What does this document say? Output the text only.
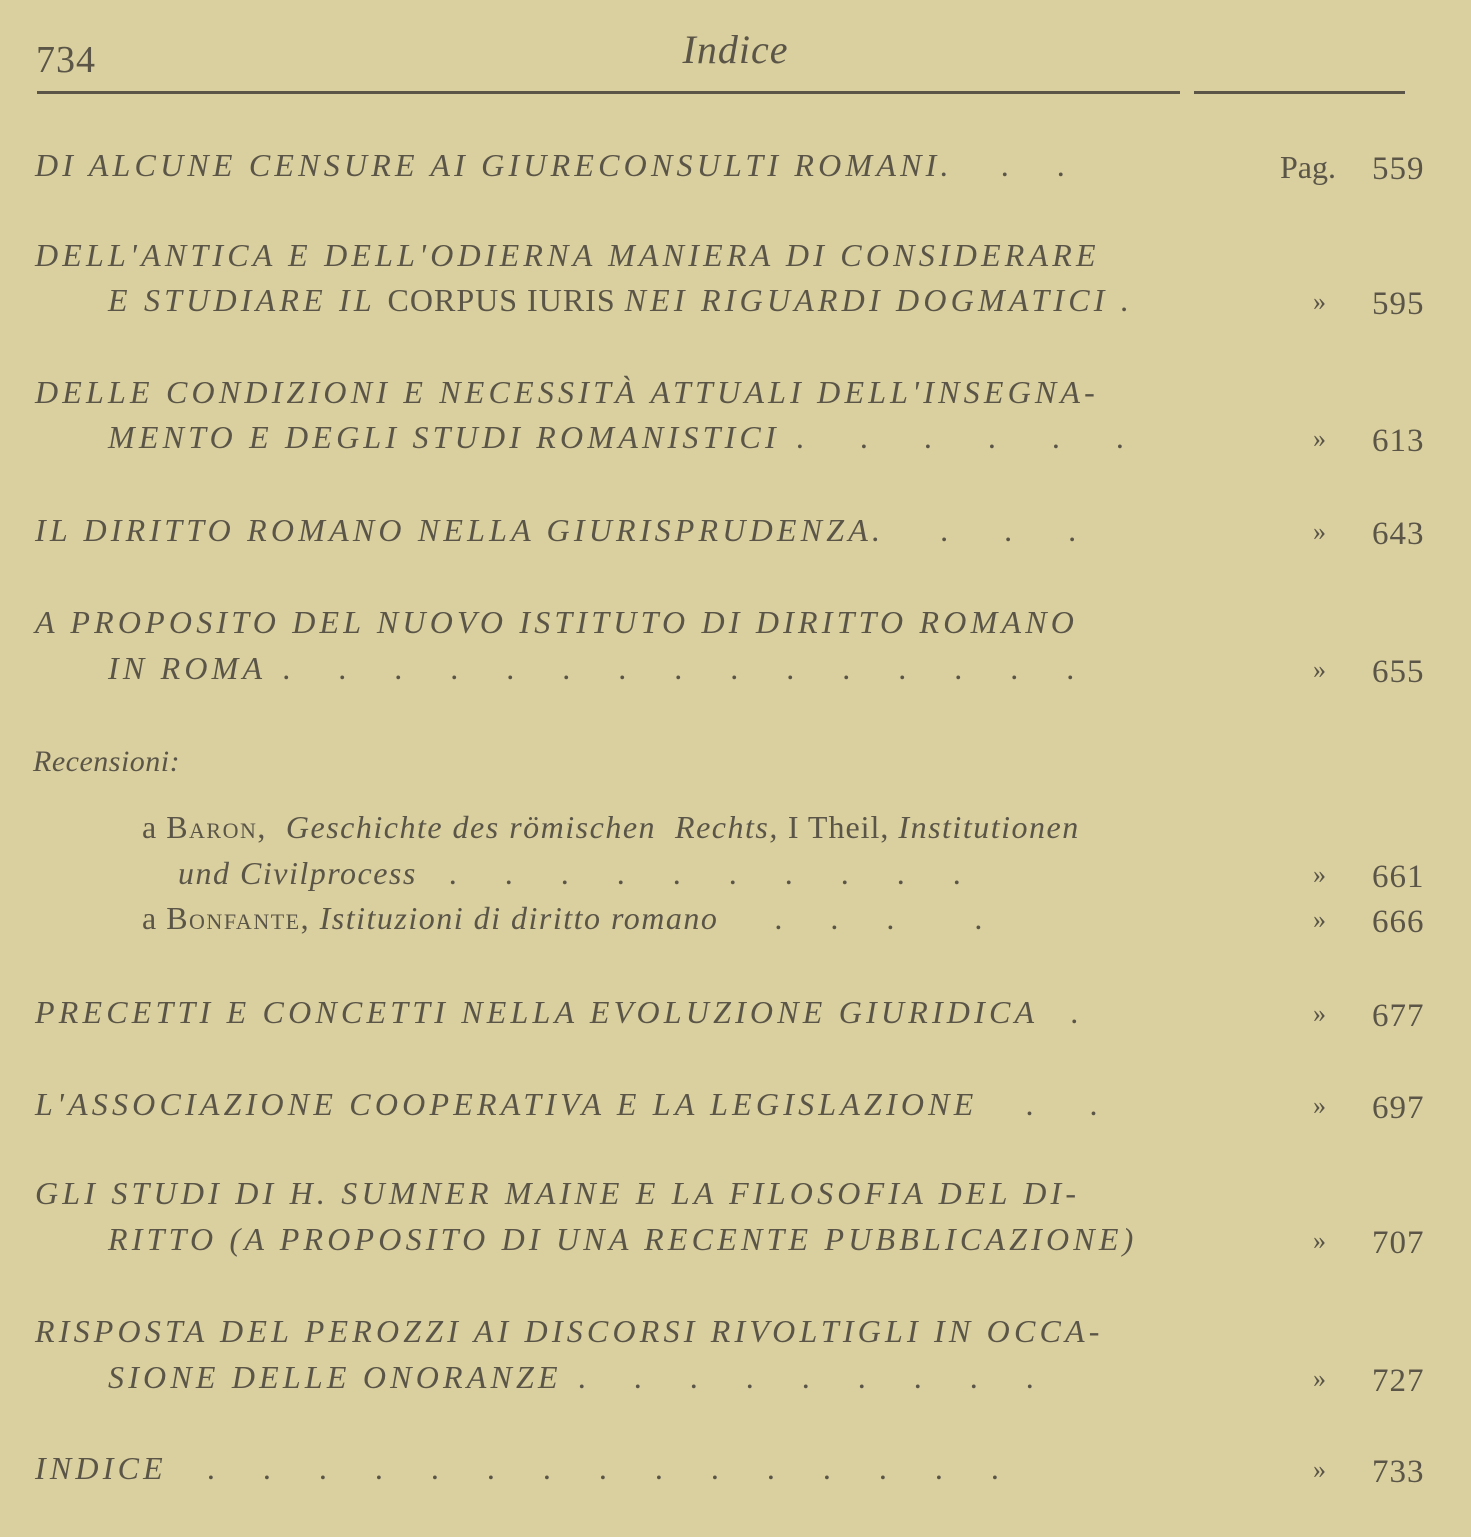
734	Indice
Recensioni:
DI ALCUNE CENSURE AI GIURECONSULTI ROMANI.      .      .	Pag. 559
DELL'ANTICA E DELL'ODIERNA MANIERA DI CONSIDERARE
E STUDIARE IL CORPUS IURIS NEI RIGUARDI DOGMATICI .	» 595
DELLE CONDIZIONI E NECESSITÀ ATTUALI DELL'INSEGNA-
MENTO E DEGLI STUDI ROMANISTICI  .       .       .       .       .       .	» 613
IL DIRITTO ROMANO NELLA GIURISPRUDENZA.       .       .       .	» 643
A PROPOSITO DEL NUOVO ISTITUTO DI DIRITTO ROMANO
IN ROMA  .      .      .      .      .      .      .      .      .      .      .      .      .      .      .	» 655
a Baron,  Geschichte des römischen  Rechts, I Theil, Institutionen
und Civilprocess    .      .      .      .      .      .      .      .      .      .	» 661
a Bonfante, Istituzioni di diritto romano       .      .      .          .	» 666
PRECETTI E CONCETTI NELLA EVOLUZIONE GIURIDICA    .	» 677
L'ASSOCIAZIONE COOPERATIVA E LA LEGISLAZIONE      .       .	» 697
GLI STUDI DI H. SUMNER MAINE E LA FILOSOFIA DEL DI-
RITTO (A PROPOSITO DI UNA RECENTE PUBBLICAZIONE)	» 707
RISPOSTA DEL PEROZZI AI DISCORSI RIVOLTIGLI IN OCCA-
SIONE DELLE ONORANZE  .      .      .      .      .      .      .      .      .	» 727
INDICE     .      .      .      .      .      .      .      .      .      .      .      .      .      .      .	» 733
